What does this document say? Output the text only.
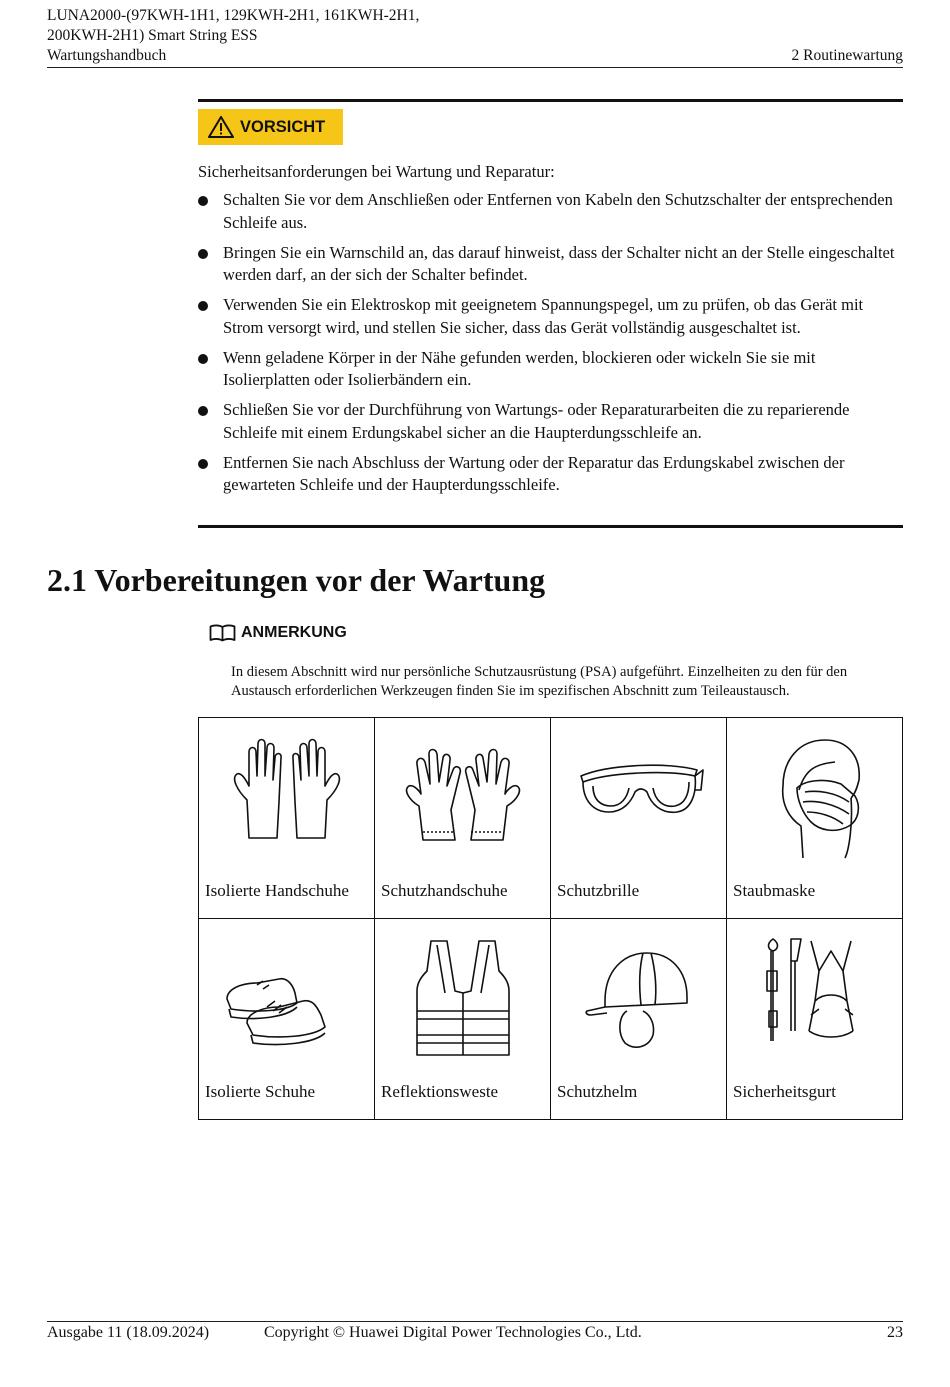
LUNA2000-(97KWH-1H1, 129KWH-2H1, 161KWH-2H1,
200KWH-2H1) Smart String ESS
Wartungshandbuch	2 Routinewartung
VORSICHT

Sicherheitsanforderungen bei Wartung und Reparatur:

Schalten Sie vor dem Anschließen oder Entfernen von Kabeln den Schutzschalter der entsprechenden Schleife aus.
Bringen Sie ein Warnschild an, das darauf hinweist, dass der Schalter nicht an der Stelle eingeschaltet werden darf, an der sich der Schalter befindet.
Verwenden Sie ein Elektroskop mit geeignetem Spannungspegel, um zu prüfen, ob das Gerät mit Strom versorgt wird, und stellen Sie sicher, dass das Gerät vollständig ausgeschaltet ist.
Wenn geladene Körper in der Nähe gefunden werden, blockieren oder wickeln Sie sie mit Isolierplatten oder Isolierbändern ein.
Schließen Sie vor der Durchführung von Wartungs- oder Reparaturarbeiten die zu reparierende Schleife mit einem Erdungskabel sicher an die Haupterdungsschleife an.
Entfernen Sie nach Abschluss der Wartung oder der Reparatur das Erdungskabel zwischen der gewarteten Schleife und der Haupterdungsschleife.
2.1 Vorbereitungen vor der Wartung
ANMERKUNG
In diesem Abschnitt wird nur persönliche Schutzausrüstung (PSA) aufgeführt. Einzelheiten zu den für den Austausch erforderlichen Werkzeugen finden Sie im spezifischen Abschnitt zum Teileaustausch.
Isolierte Handschuhe	Schutzhandschuhe	Schutzbrille	Staubmaske

Isolierte Schuhe	Reflektionsweste	Schutzhelm	Sicherheitsgurt
Ausgabe 11 (18.09.2024)	Copyright © Huawei Digital Power Technologies Co., Ltd.	23
